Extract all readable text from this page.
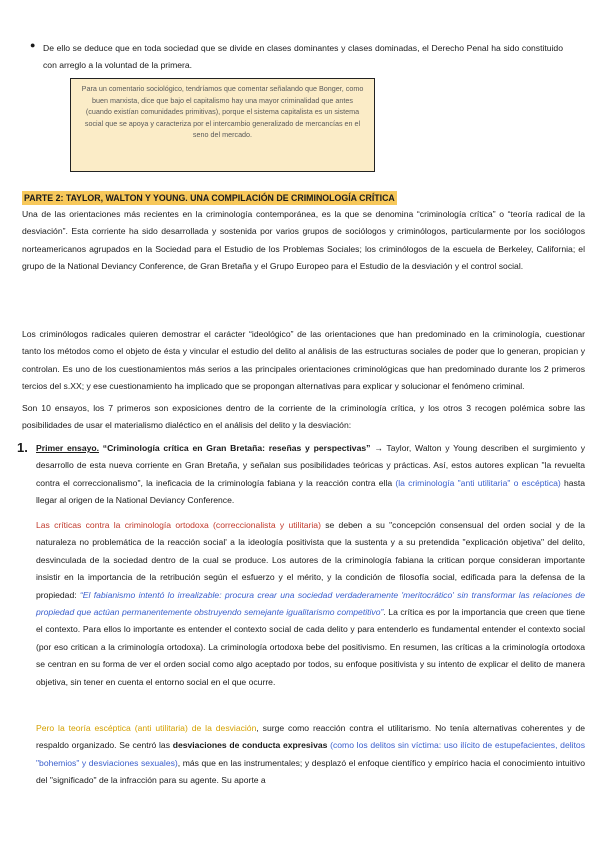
● De ello se deduce que en toda sociedad que se divide en clases dominantes y clases dominadas, el Derecho Penal ha sido constituido con arreglo a la voluntad de la primera.
Para un comentario sociológico, tendríamos que comentar señalando que Bonger, como buen marxista, dice que bajo el capitalismo hay una mayor criminalidad que antes (cuando existían comunidades primitivas), porque el sistema capitalista es un sistema social que se apoya y caracteriza por el intercambio generalizado de mercancías en el seno del mercado.
PARTE 2: TAYLOR, WALTON Y YOUNG. UNA COMPILACIÓN DE CRIMINOLOGÍA CRÍTICA
Una de las orientaciones más recientes en la criminología contemporánea, es la que se denomina “criminología crítica” o “teoría radical de la desviación”. Esta corriente ha sido desarrollada y sostenida por varios grupos de sociólogos y criminólogos, particularmente por los sociólogos norteamericanos agrupados en la Sociedad para el Estudio de los Problemas Sociales; los criminólogos de la escuela de Berkeley, California; el grupo de la National Deviancy Conference, de Gran Bretaña y el Grupo Europeo para el Estudio de la desviación y el control social.
Los criminólogos radicales quieren demostrar el carácter “ideológico” de las orientaciones que han predominado en la criminología, cuestionar tanto los métodos como el objeto de ésta y vincular el estudio del delito al análisis de las estructuras sociales de poder que lo generan, propician y controlan. Es uno de los cuestionamientos más serios a las principales orientaciones criminológicas que han predominado durante los 2 primeros tercios del s.XX; y ese cuestionamiento ha implicado que se propongan alternativas para explicar y solucionar el fenómeno criminal.
Son 10 ensayos, los 7 primeros son exposiciones dentro de la corriente de la criminología crítica, y los otros 3 recogen polémica sobre las posibilidades de usar el materialismo dialéctico en el análisis del delito y la desviación:
1. Primer ensayo. “Criminología crítica en Gran Bretaña: reseñas y perspectivas” → Taylor, Walton y Young describen el surgimiento y desarrollo de esta nueva corriente en Gran Bretaña, y señalan sus posibilidades teóricas y prácticas. Así, estos autores explican "la revuelta contra el correccionalismo", la ineficacia de la criminología fabiana y la reacción contra ella (la criminología "anti utilitaria" o escéptica) hasta llegar al origen de la National Deviancy Conference.
Las críticas contra la criminología ortodoxa (correccionalista y utilitaria) se deben a su "concepción consensual del orden social y de la naturaleza no problemática de la reacción social' a la ideología positivista que la sustenta y a su pretendida "explicación objetiva" del delito, desvinculada de la sociedad dentro de la cual se produce. Los autores de la criminología fabiana la critican porque consideran importante insistir en la importancia de la retribución según el esfuerzo y el mérito, y la condición de filosofía social, edificada para la defensa de la propiedad: “El fabianismo intentó lo irrealizable: procura crear una sociedad verdaderamente 'meritocrático' sin transformar las relaciones de propiedad que actúan permanentemente obstruyendo semejante igualitarismo competitivo”. La crítica es por la importancia que creen que tiene el contexto. Para ellos lo importante es entender el contexto social de cada delito y para entenderlo es fundamental entender el contexto social (por eso critican a la criminología ortodoxa). La criminología ortodoxa bebe del positivismo. En resumen, las críticas a la criminología ortodoxa se centran en su forma de ver el orden social como algo aceptado por todos, su enfoque positivista y su intento de explicar el delito de manera objetiva, sin tener en cuenta el entorno social en el que ocurre.
Pero la teoría escéptica (anti utilitaria) de la desviación, surge como reacción contra el utilitarismo. No tenía alternativas coherentes y de respaldo organizado. Se centró las desviaciones de conducta expresivas (como los delitos sin víctima: uso ilícito de estupefacientes, delitos "bohemios" y desviaciones sexuales), más que en las instrumentales; y desplazó el enfoque científico y empírico hacia el conocimiento intuitivo del "significado" de la infracción para su agente. Su aporte a
